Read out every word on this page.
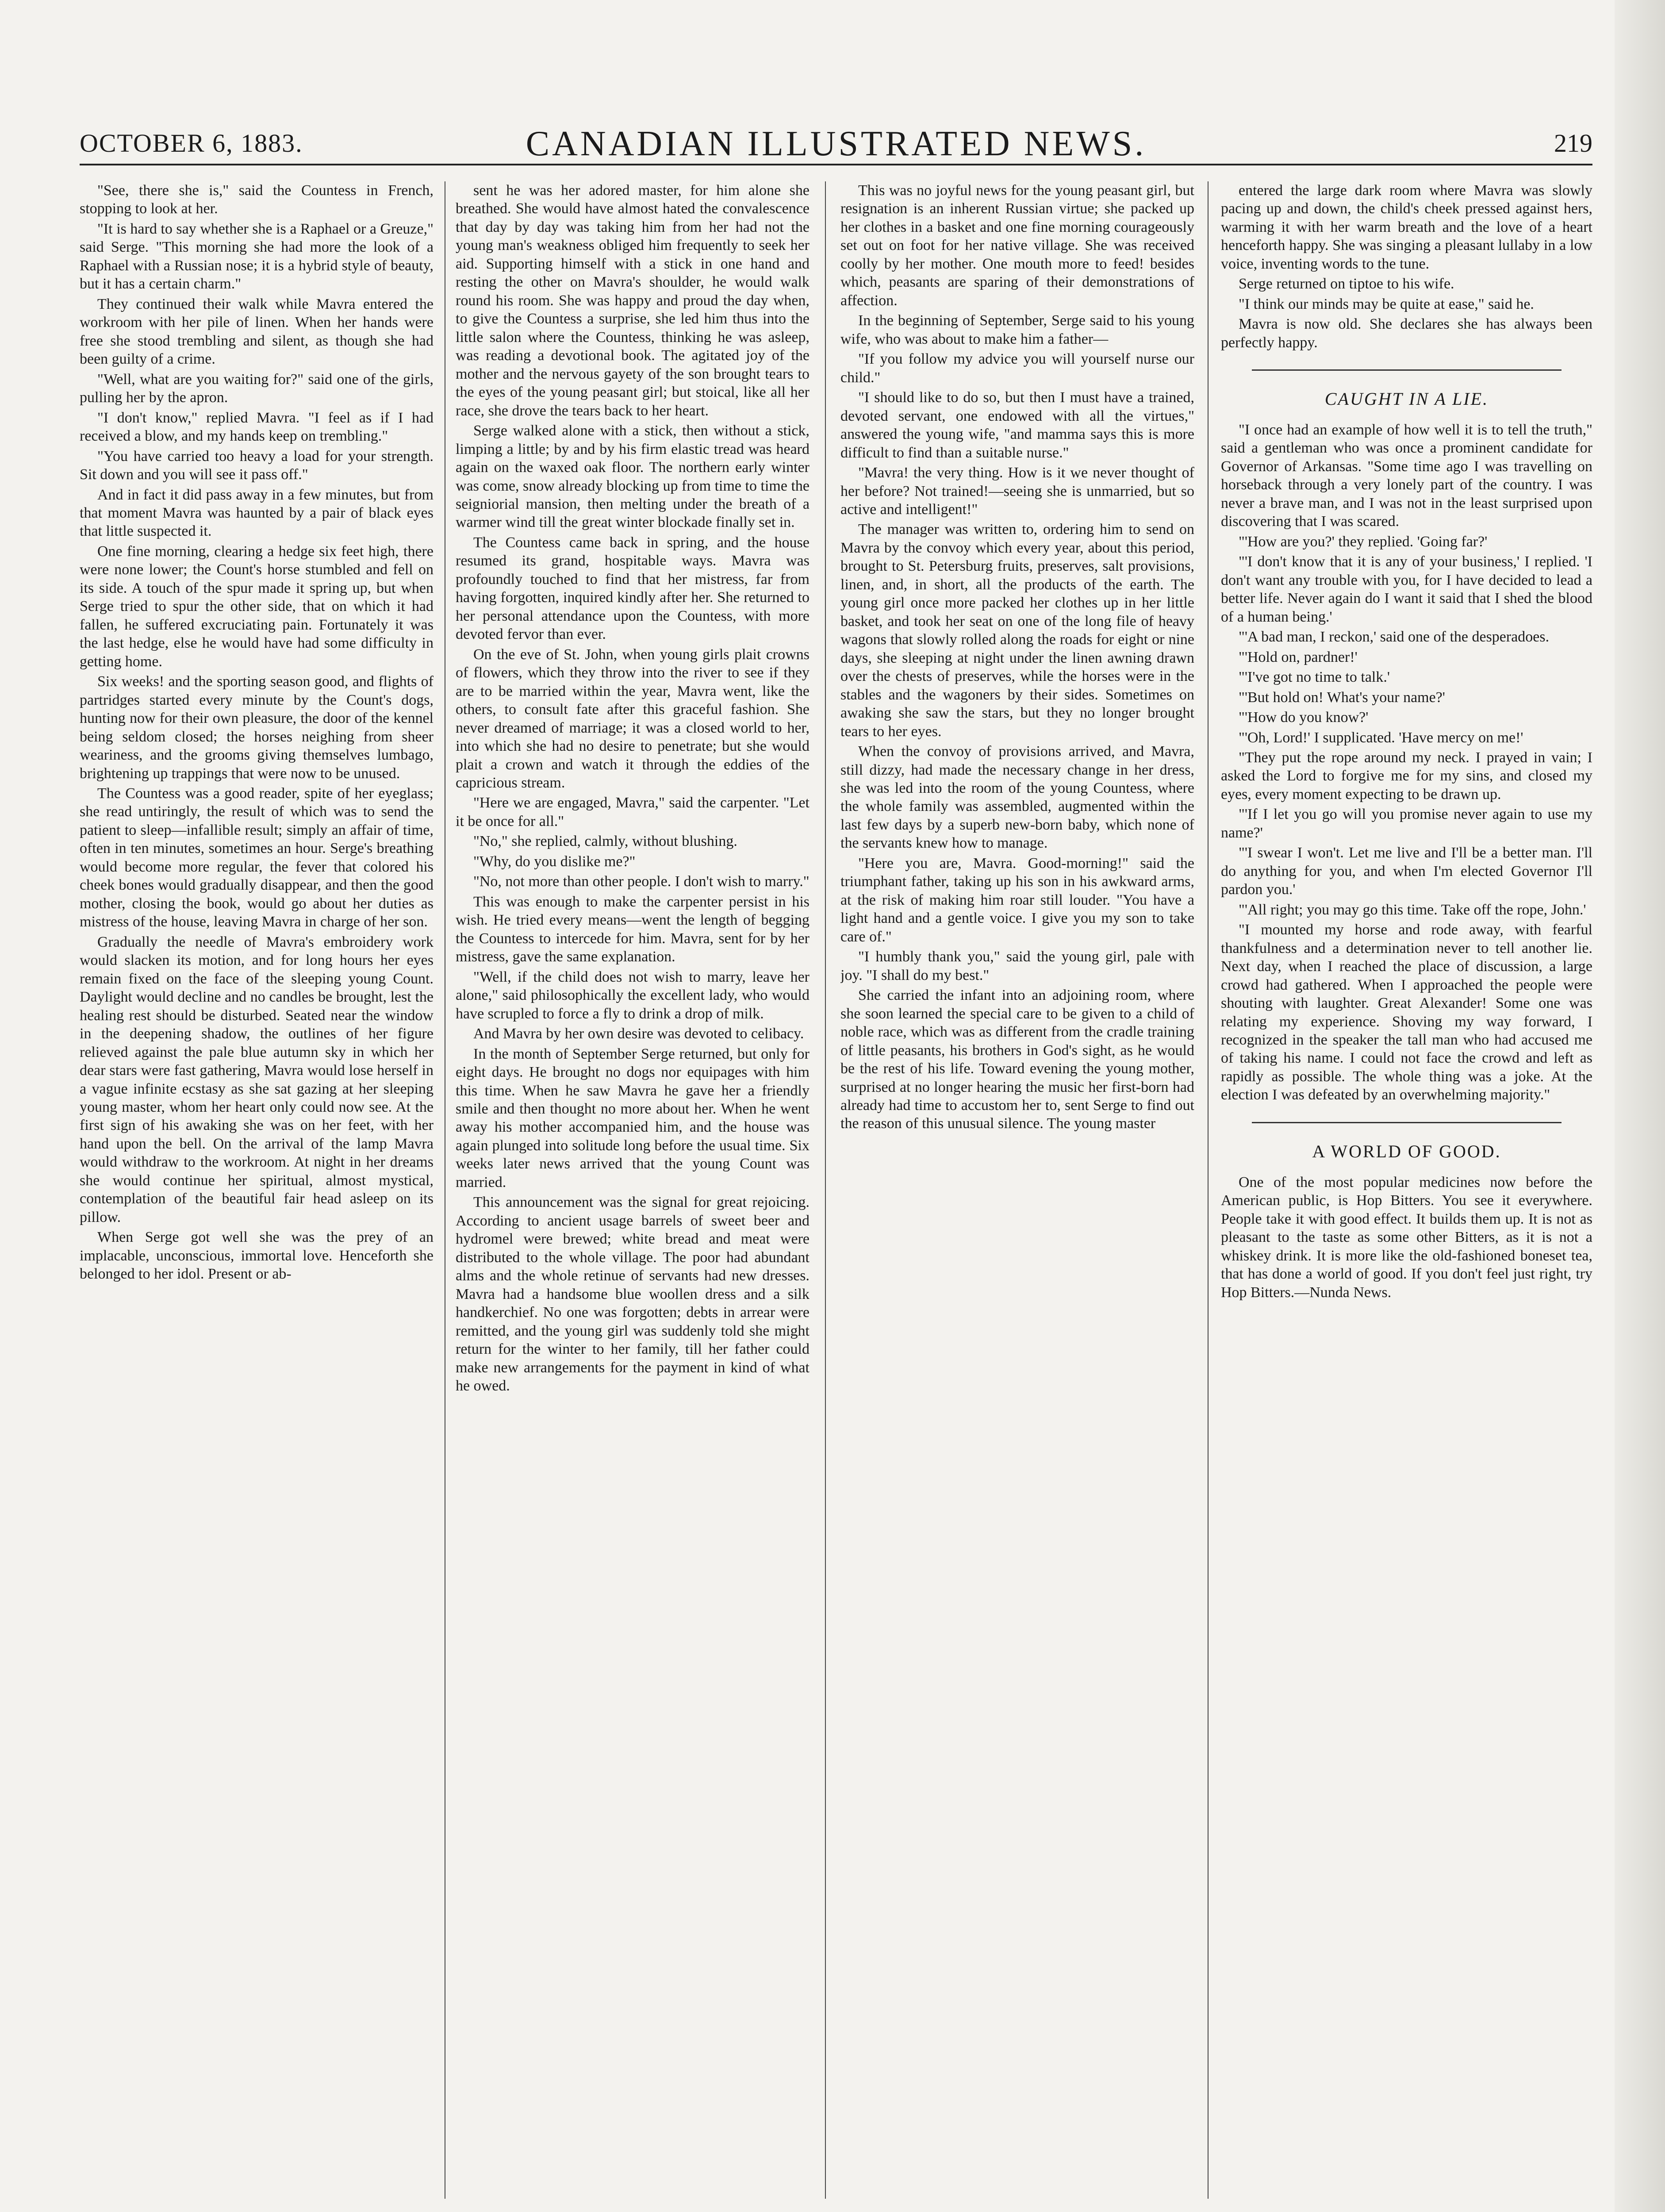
OCTOBER 6, 1883.	CANADIAN ILLUSTRATED NEWS.	219

"See, there she is," said the Countess in French, stopping to look at her.

"It is hard to say whether she is a Raphael or a Greuze," said Serge. "This morning she had more the look of a Raphael with a Russian nose; it is a hybrid style of beauty, but it has a certain charm."

They continued their walk while Mavra entered the workroom with her pile of linen. When her hands were free she stood trembling and silent, as though she had been guilty of a crime.

"Well, what are you waiting for?" said one of the girls, pulling her by the apron.

"I don't know," replied Mavra. "I feel as if I had received a blow, and my hands keep on trembling."

"You have carried too heavy a load for your strength. Sit down and you will see it pass off."

And in fact it did pass away in a few minutes, but from that moment Mavra was haunted by a pair of black eyes that little suspected it.

One fine morning, clearing a hedge six feet high, there were none lower; the Count's horse stumbled and fell on its side. A touch of the spur made it spring up, but when Serge tried to spur the other side, that on which it had fallen, he suffered excruciating pain. Fortunately it was the last hedge, else he would have had some difficulty in getting home.

Six weeks! and the sporting season good, and flights of partridges started every minute by the Count's dogs, hunting now for their own pleasure, the door of the kennel being seldom closed; the horses neighing from sheer weariness, and the grooms giving themselves lumbago, brightening up trappings that were now to be unused.

The Countess was a good reader, spite of her eyeglass; she read untiringly, the result of which was to send the patient to sleep—infallible result; simply an affair of time, often in ten minutes, sometimes an hour. Serge's breathing would become more regular, the fever that colored his cheek bones would gradually disappear, and then the good mother, closing the book, would go about her duties as mistress of the house, leaving Mavra in charge of her son.

Gradually the needle of Mavra's embroidery work would slacken its motion, and for long hours her eyes remain fixed on the face of the sleeping young Count. Daylight would decline and no candles be brought, lest the healing rest should be disturbed. Seated near the window in the deepening shadow, the outlines of her figure relieved against the pale blue autumn sky in which her dear stars were fast gathering, Mavra would lose herself in a vague infinite ecstasy as she sat gazing at her sleeping young master, whom her heart only could now see. At the first sign of his awaking she was on her feet, with her hand upon the bell. On the arrival of the lamp Mavra would withdraw to the workroom. At night in her dreams she would continue her spiritual, almost mystical, contemplation of the beautiful fair head asleep on its pillow.

When Serge got well she was the prey of an implacable, unconscious, immortal love. Henceforth she belonged to her idol. Present or ab-

sent he was her adored master, for him alone she breathed. She would have almost hated the convalescence that day by day was taking him from her had not the young man's weakness obliged him frequently to seek her aid. Supporting himself with a stick in one hand and resting the other on Mavra's shoulder, he would walk round his room. She was happy and proud the day when, to give the Countess a surprise, she led him thus into the little salon where the Countess, thinking he was asleep, was reading a devotional book. The agitated joy of the mother and the nervous gayety of the son brought tears to the eyes of the young peasant girl; but stoical, like all her race, she drove the tears back to her heart.

Serge walked alone with a stick, then without a stick, limping a little; by and by his firm elastic tread was heard again on the waxed oak floor. The northern early winter was come, snow already blocking up from time to time the seigniorial mansion, then melting under the breath of a warmer wind till the great winter blockade finally set in.

The Countess came back in spring, and the house resumed its grand, hospitable ways. Mavra was profoundly touched to find that her mistress, far from having forgotten, inquired kindly after her. She returned to her personal attendance upon the Countess, with more devoted fervor than ever.

On the eve of St. John, when young girls plait crowns of flowers, which they throw into the river to see if they are to be married within the year, Mavra went, like the others, to consult fate after this graceful fashion. She never dreamed of marriage; it was a closed world to her, into which she had no desire to penetrate; but she would plait a crown and watch it through the eddies of the capricious stream.

"Here we are engaged, Mavra," said the carpenter. "Let it be once for all."

"No," she replied, calmly, without blushing.

"Why, do you dislike me?"

"No, not more than other people. I don't wish to marry."

This was enough to make the carpenter persist in his wish. He tried every means—went the length of begging the Countess to intercede for him. Mavra, sent for by her mistress, gave the same explanation.

"Well, if the child does not wish to marry, leave her alone," said philosophically the excellent lady, who would have scrupled to force a fly to drink a drop of milk.

And Mavra by her own desire was devoted to celibacy.

In the month of September Serge returned, but only for eight days. He brought no dogs nor equipages with him this time. When he saw Mavra he gave her a friendly smile and then thought no more about her. When he went away his mother accompanied him, and the house was again plunged into solitude long before the usual time. Six weeks later news arrived that the young Count was married.

This announcement was the signal for great rejoicing. According to ancient usage barrels of sweet beer and hydromel were brewed; white bread and meat were distributed to the whole village. The poor had abundant alms and the whole retinue of servants had new dresses. Mavra had a handsome blue woollen dress and a silk handkerchief. No one was forgotten; debts in arrear were remitted, and the young girl was suddenly told she might return for the winter to her family, till her father could make new arrangements for the payment in kind of what he owed.

This was no joyful news for the young peasant girl, but resignation is an inherent Russian virtue; she packed up her clothes in a basket and one fine morning courageously set out on foot for her native village. She was received coolly by her mother. One mouth more to feed! besides which, peasants are sparing of their demonstrations of affection.

In the beginning of September, Serge said to his young wife, who was about to make him a father—

"If you follow my advice you will yourself nurse our child."

"I should like to do so, but then I must have a trained, devoted servant, one endowed with all the virtues," answered the young wife, "and mamma says this is more difficult to find than a suitable nurse."

"Mavra! the very thing. How is it we never thought of her before? Not trained!—seeing she is unmarried, but so active and intelligent!"

The manager was written to, ordering him to send on Mavra by the convoy which every year, about this period, brought to St. Petersburg fruits, preserves, salt provisions, linen, and, in short, all the products of the earth. The young girl once more packed her clothes up in her little basket, and took her seat on one of the long file of heavy wagons that slowly rolled along the roads for eight or nine days, she sleeping at night under the linen awning drawn over the chests of preserves, while the horses were in the stables and the wagoners by their sides. Sometimes on awaking she saw the stars, but they no longer brought tears to her eyes.

When the convoy of provisions arrived, and Mavra, still dizzy, had made the necessary change in her dress, she was led into the room of the young Countess, where the whole family was assembled, augmented within the last few days by a superb new-born baby, which none of the servants knew how to manage.

"Here you are, Mavra. Good-morning!" said the triumphant father, taking up his son in his awkward arms, at the risk of making him roar still louder. "You have a light hand and a gentle voice. I give you my son to take care of."

"I humbly thank you," said the young girl, pale with joy. "I shall do my best."

She carried the infant into an adjoining room, where she soon learned the special care to be given to a child of noble race, which was as different from the cradle training of little peasants, his brothers in God's sight, as he would be the rest of his life. Toward evening the young mother, surprised at no longer hearing the music her first-born had already had time to accustom her to, sent Serge to find out the reason of this unusual silence. The young master

entered the large dark room where Mavra was slowly pacing up and down, the child's cheek pressed against hers, warming it with her warm breath and the love of a heart henceforth happy. She was singing a pleasant lullaby in a low voice, inventing words to the tune.

Serge returned on tiptoe to his wife.

"I think our minds may be quite at ease," said he.

Mavra is now old. She declares she has always been perfectly happy.

CAUGHT IN A LIE.

"I once had an example of how well it is to tell the truth," said a gentleman who was once a prominent candidate for Governor of Arkansas. "Some time ago I was travelling on horseback through a very lonely part of the country. I was never a brave man, and I was not in the least surprised upon discovering that I was scared.

"'How are you?' they replied. 'Going far?'

"'I don't know that it is any of your business,' I replied. 'I don't want any trouble with you, for I have decided to lead a better life. Never again do I want it said that I shed the blood of a human being.'

"'A bad man, I reckon,' said one of the desperadoes.

"'Hold on, pardner!'

"'I've got no time to talk.'

"'But hold on! What's your name?'

"'How do you know?'

"'Oh, Lord!' I supplicated. 'Have mercy on me!'

"They put the rope around my neck. I prayed in vain; I asked the Lord to forgive me for my sins, and closed my eyes, every moment expecting to be drawn up.

"'If I let you go will you promise never again to use my name?'

"'I swear I won't. Let me live and I'll be a better man. I'll do anything for you, and when I'm elected Governor I'll pardon you.'

"'All right; you may go this time. Take off the rope, John.'

"I mounted my horse and rode away, with fearful thankfulness and a determination never to tell another lie. Next day, when I reached the place of discussion, a large crowd had gathered. When I approached the people were shouting with laughter. Great Alexander! Some one was relating my experience. Shoving my way forward, I recognized in the speaker the tall man who had accused me of taking his name. I could not face the crowd and left as rapidly as possible. The whole thing was a joke. At the election I was defeated by an overwhelming majority."

A WORLD OF GOOD.

One of the most popular medicines now before the American public, is Hop Bitters. You see it everywhere. People take it with good effect. It builds them up. It is not as pleasant to the taste as some other Bitters, as it is not a whiskey drink. It is more like the old-fashioned boneset tea, that has done a world of good. If you don't feel just right, try Hop Bitters.—Nunda News.
